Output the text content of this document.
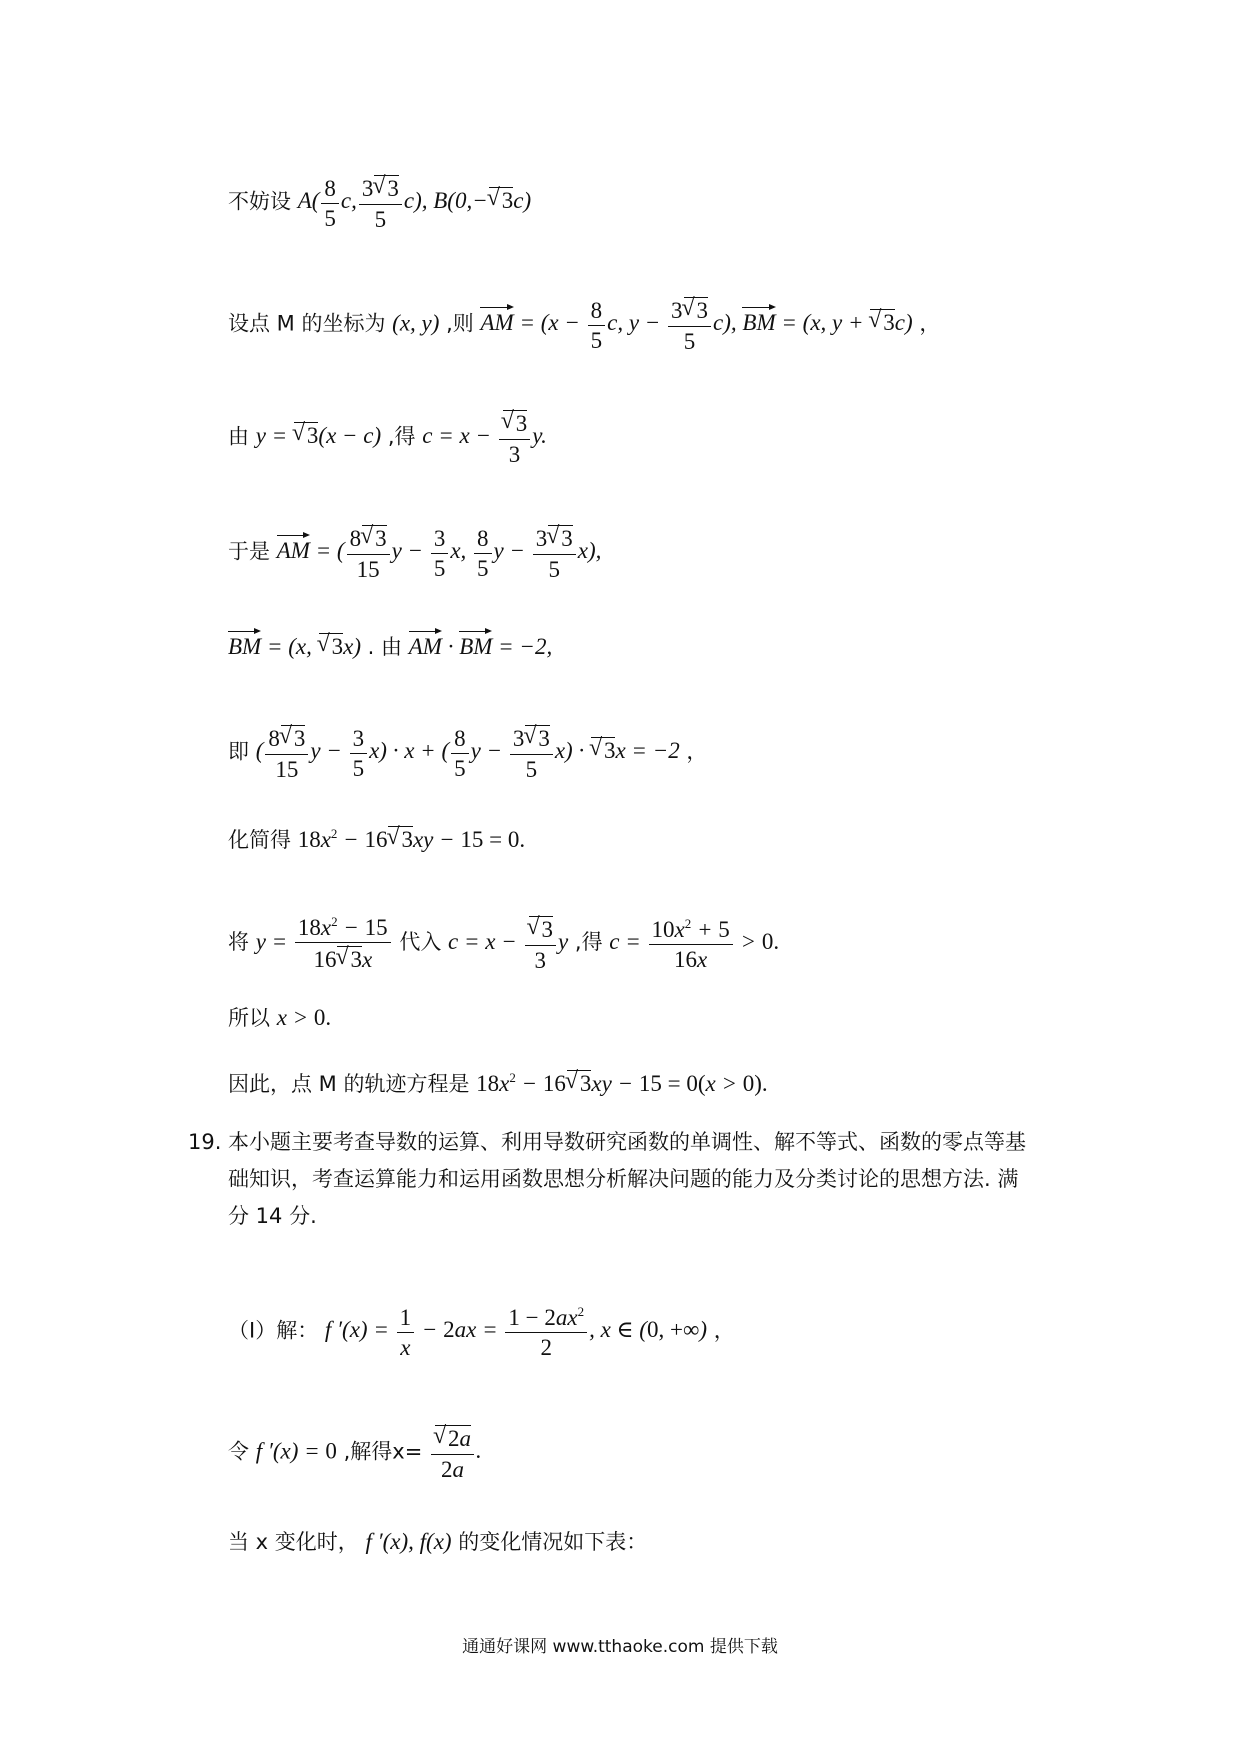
不妨设 $A( \frac{8}{5} c$, $\frac{3√ 3}{5} c$), B(0,−√ 3c)
设点 M 的坐标为 (x, y) ,则 AM = ($x - \frac{8}{5} c$, $y - \frac{3√ 3}{5} c$), BM = (x, y + √ 3c) ，
由 y = √ 3(x − c) ,得 c = x −
√ $\frac{3}{3} y$.
于是 AM = ( $\frac{8√ 3}{15}$ $y - \frac{3}{5} x$, $\frac{8}{5}$ $y - \frac{3√ 3}{5} x$),
BM = (x, √ 3x) . 由 AM · BM = −2,
即 ( $\frac{8√ 3}{15}$ $y - \frac{3}{5} x) \cdot x$ + ( $\frac{8}{5}$ $y - \frac{3√ 3}{5} x$) · √ 3x = −2 ，
化简得 $18x^2 - 16√$ 3xy − 15 = 0.
将 $y = \frac{18x^2 - 15}{16√ 3x}$ 代入 c = x −
√ $\frac{3}{3}$ y ,得 $c = \frac{10x^2 + 5}{16x} > 0$.
所以 x > 0.
因此，点 M 的轨迹方程是 $18x^2 - 16√$ 3xy − 15 = 0(x > 0).
19. 本小题主要考查导数的运算、利用导数研究函数的单调性、解不等式、函数的零点等基
础知识，考查运算能力和运用函数思想分析解决问题的能力及分类讨论的思想方法. 满
分 14 分.
（I）解： f $'(x) = \frac{1}{x} - 2ax = \frac{1 - 2ax^2}{2}$ , x ∈ (0, +∞) ，
令 f ′(x) = 0 ,解得x=
√ $\frac{2a}{2a}$ .
当 x 变化时， f ′(x), f(x) 的变化情况如下表：
通通好课网 www.tthaoke.com 提供下载
